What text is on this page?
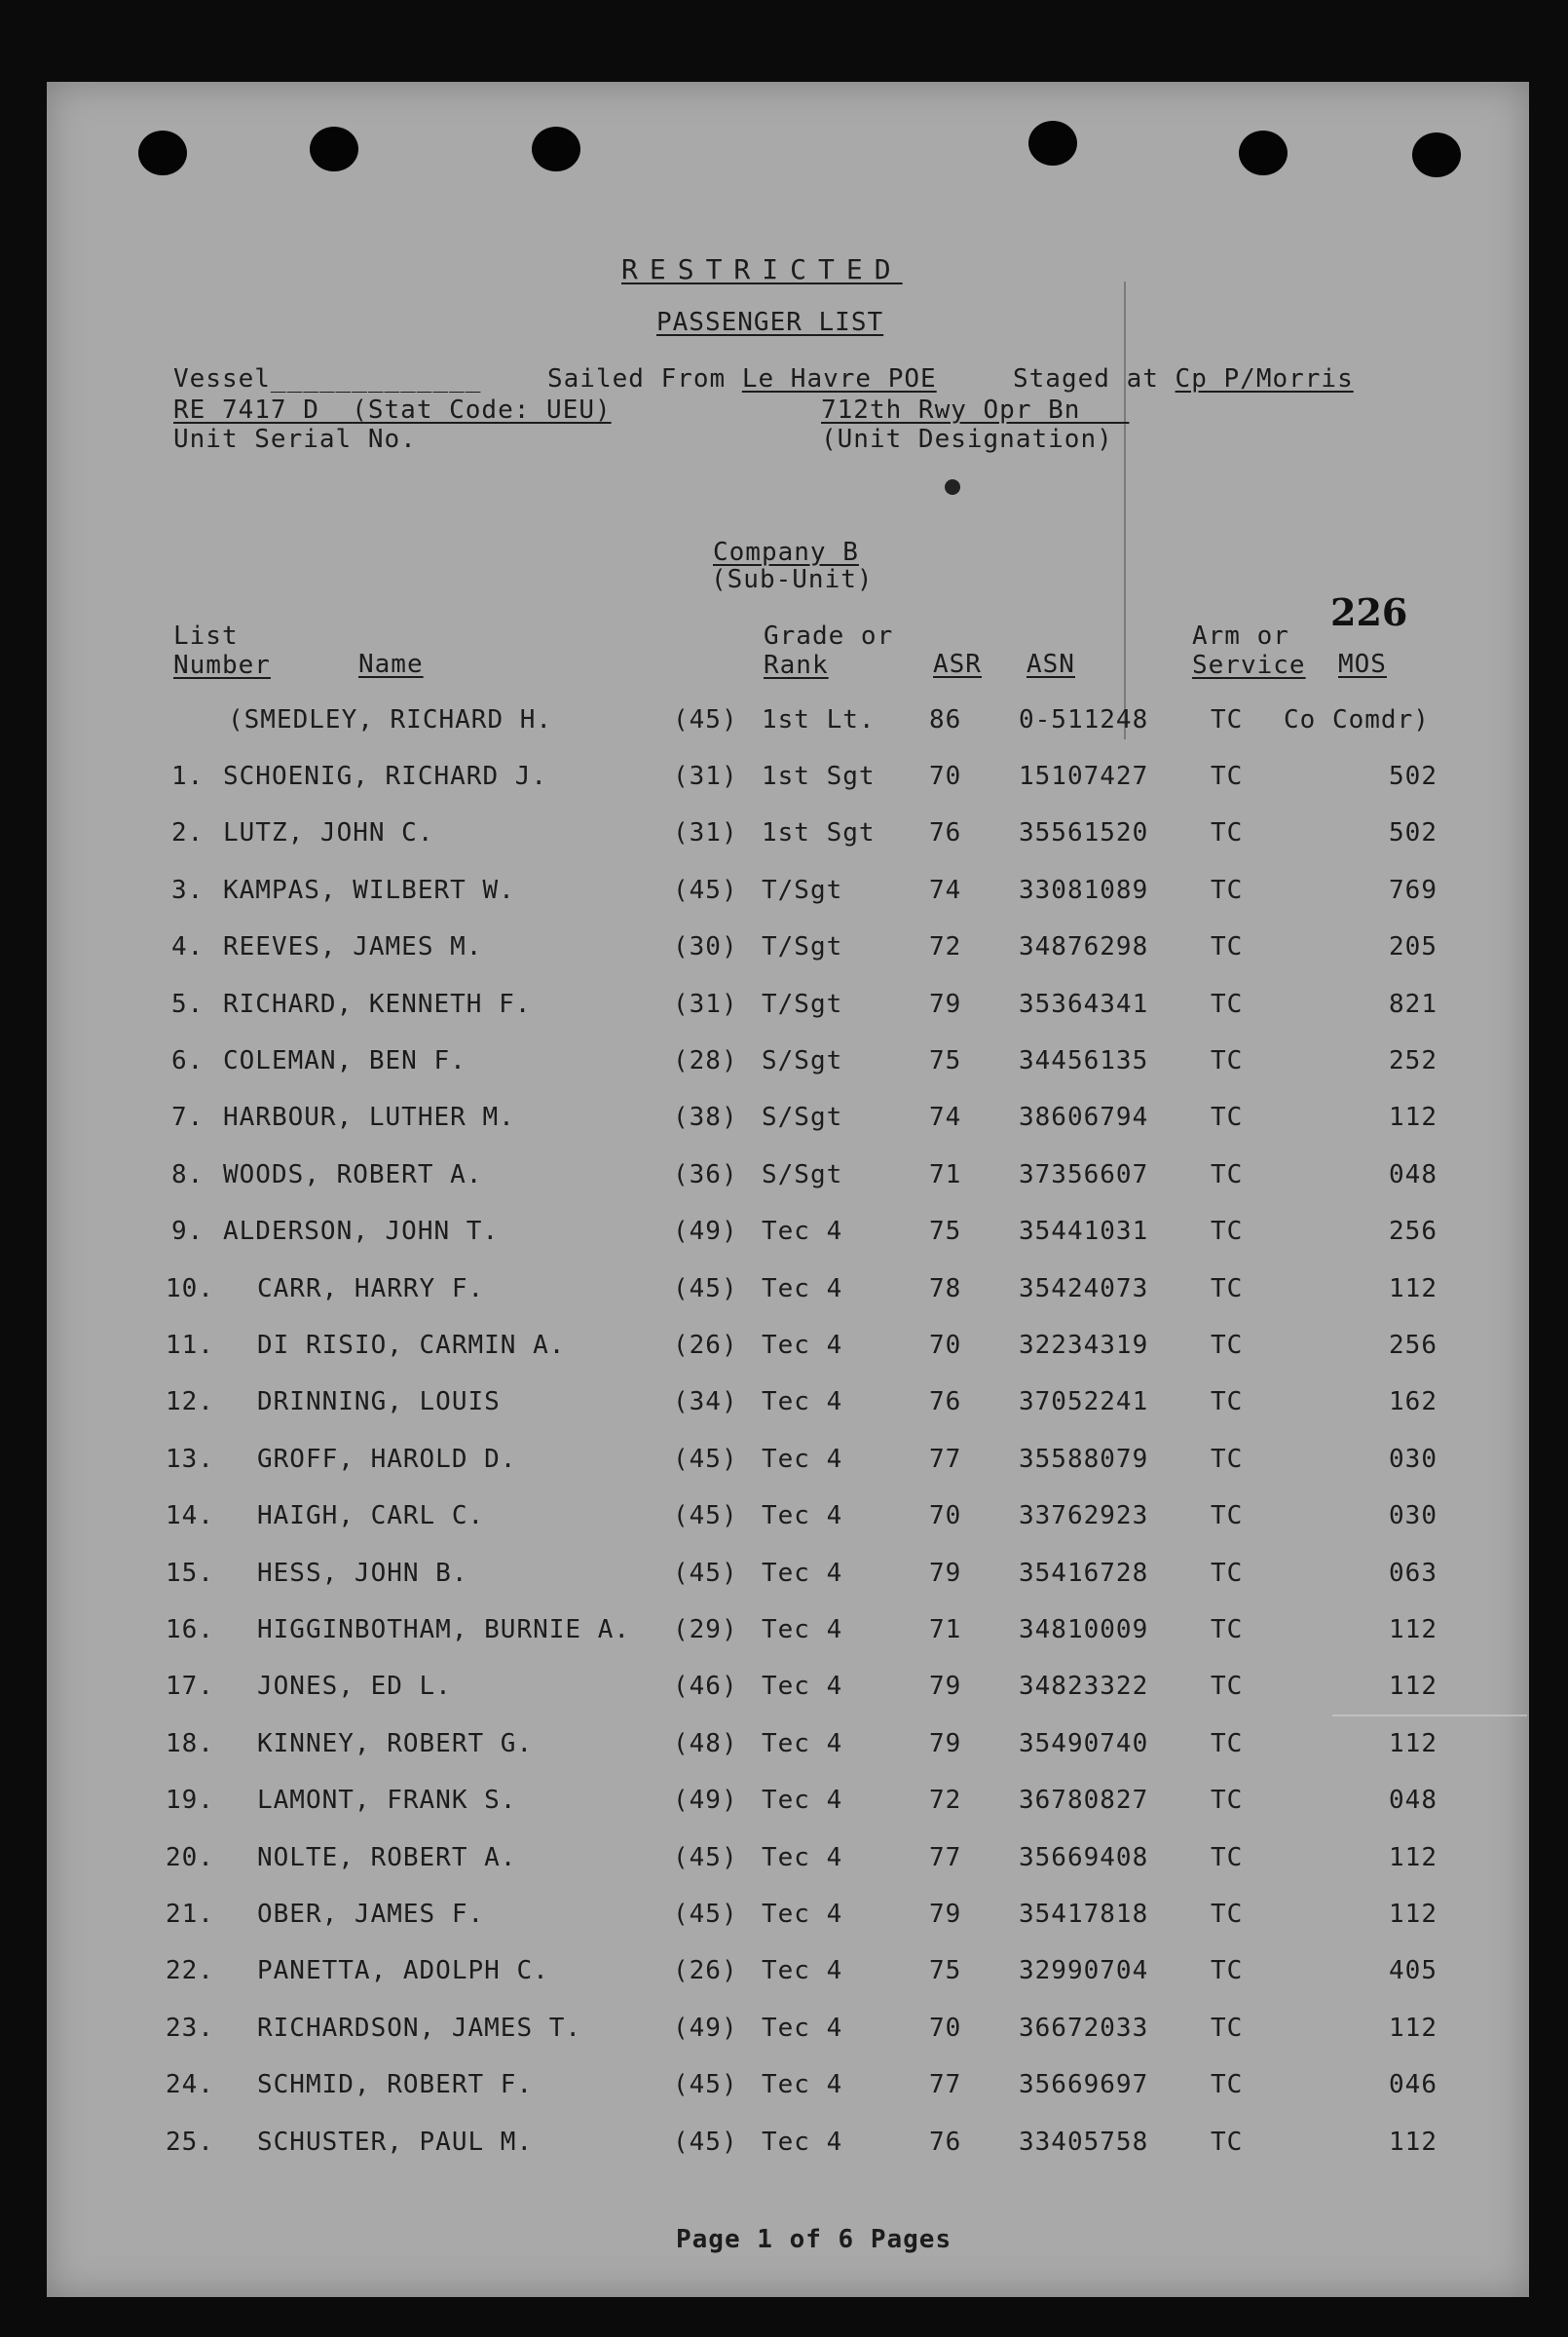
RESTRICTED
PASSENGER LIST
Vessel_____________	Sailed From Le Havre POE	Staged at Cp P/Morris
RE 7417 D (Stat Code: UEU)	712th Rwy Opr Bn___
Unit Serial No.	(Unit Designation)
Company B
(Sub-Unit)
226
List
Number	Name
Grade or
Rank	ASR ASN
Arm or
Service MOS
(SMEDLEY, RICHARD H.	(45) 1st Lt. 86 0-511248 TC Co Comdr)
1. SCHOENIG, RICHARD J.	(31) 1st Sgt 70 15107427 TC	502
2. LUTZ, JOHN C.	(31) 1st Sgt 76 35561520 TC	502
3. KAMPAS, WILBERT W.	(45) T/Sgt	74 33081089 TC	769
4. REEVES, JAMES M.	(30) T/Sgt	72 34876298 TC	205
5. RICHARD, KENNETH F.	(31) T/Sgt	79 35364341 TC	821
6. COLEMAN, BEN F.	(28) S/Sgt	75 34456135 TC	252
7. HARBOUR, LUTHER M.	(38) S/Sgt	74 38606794 TC	112
8. WOODS, ROBERT A.	(36) S/Sgt	71 37356607 TC	048
9. ALDERSON, JOHN T.	(49) Tec 4	75 35441031 TC	256
10. CARR, HARRY F.	(45) Tec 4	78 35424073 TC	112
11. DI RISIO, CARMIN A.	(26) Tec 4	70 32234319 TC	256
12. DRINNING, LOUIS	(34) Tec 4	76 37052241 TC	162
13. GROFF, HAROLD D.	(45) Tec 4	77 35588079 TC	030
14. HAIGH, CARL C.	(45) Tec 4	70 33762923 TC	030
15. HESS, JOHN B.	(45) Tec 4	79 35416728 TC	063
16. HIGGINBOTHAM, BURNIE A. (29) Tec 4	71 34810009 TC	112
17. JONES, ED L.	(46) Tec 4	79 34823322 TC	112
18. KINNEY, ROBERT G.	(48) Tec 4	79 35490740 TC	112
19. LAMONT, FRANK S.	(49) Tec 4	72 36780827 TC	048
20. NOLTE, ROBERT A.	(45) Tec 4	77 35669408 TC	112
21. OBER, JAMES F.	(45) Tec 4	79 35417818 TC	112
22. PANETTA, ADOLPH C.	(26) Tec 4	75 32990704 TC	405
23. RICHARDSON, JAMES T.	(49) Tec 4	70 36672033 TC	112
24. SCHMID, ROBERT F.	(45) Tec 4	77 35669697 TC	046
25. SCHUSTER, PAUL M.	(45) Tec 4	76 33405758 TC	112
Page 1 of 6 Pages
